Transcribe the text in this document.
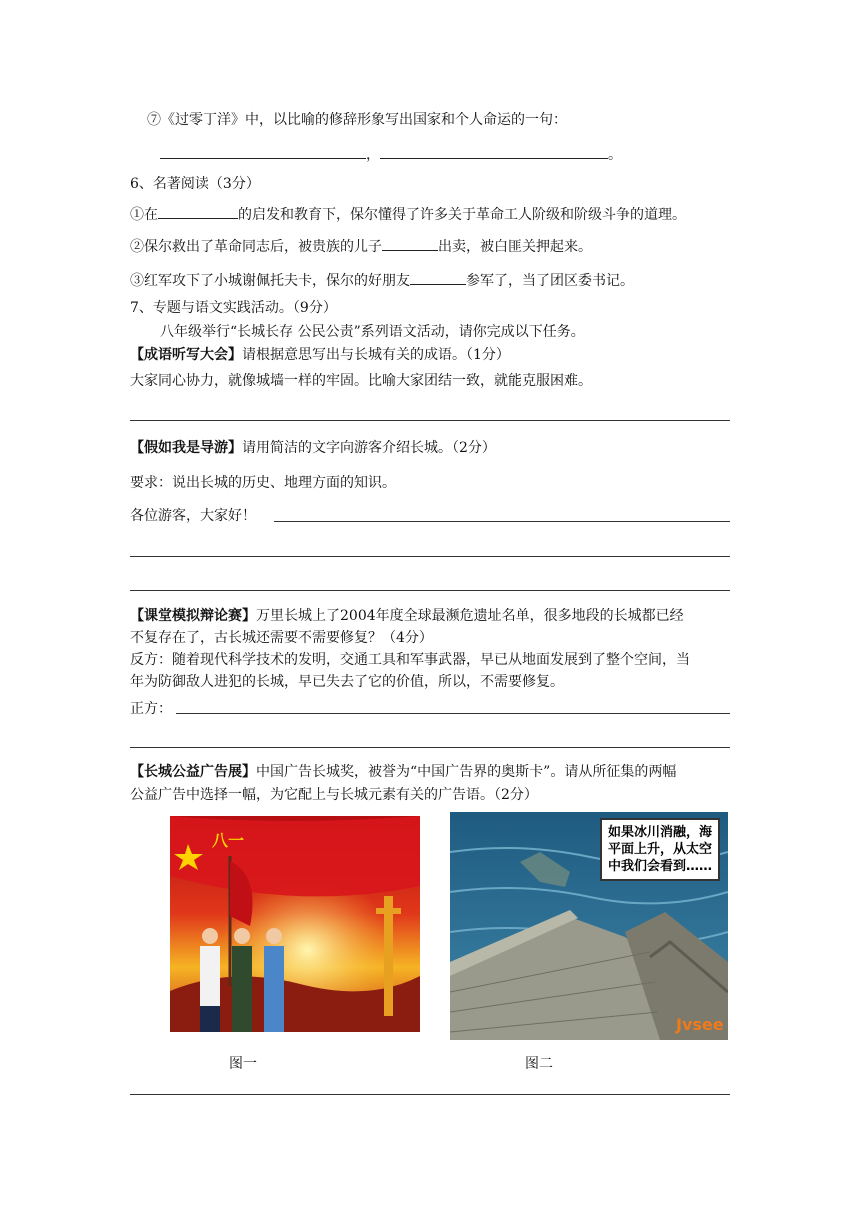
⑦《过零丁洋》中，以比喻的修辞形象写出国家和个人命运的一句：
，	。
6、名著阅读（3分）
①在	的启发和教育下，保尔懂得了许多关于革命工人阶级和阶级斗争的道理。
②保尔救出了革命同志后，被贵族的儿子	出卖，被白匪关押起来。
③红军攻下了小城谢佩托夫卡，保尔的好朋友	参军了，当了团区委书记。
7、专题与语文实践活动。（9分）
八年级举行“长城长存 公民公责”系列语文活动，请你完成以下任务。
【成语听写大会】请根据意思写出与长城有关的成语。（1分）
大家同心协力，就像城墙一样的牢固。比喻大家团结一致，就能克服困难。
【假如我是导游】请用简洁的文字向游客介绍长城。（2分）
要求：说出长城的历史、地理方面的知识。
各位游客，大家好！
【课堂模拟辩论赛】万里长城上了2004年度全球最濒危遗址名单，很多地段的长城都已经
不复存在了，古长城还需要不需要修复？（4分）
反方：随着现代科学技术的发明，交通工具和军事武器，早已从地面发展到了整个空间，当
年为防御敌人进犯的长城，早已失去了它的价值，所以，不需要修复。
正方：
【长城公益广告展】中国广告长城奖，被誉为“中国广告界的奥斯卡”。请从所征集的两幅
公益广告中选择一幅，为它配上与长城元素有关的广告语。（2分）
八一
图一
Jvsee
如果冰川消融，海
平面上升，从太空
中我们会看到……
图二
